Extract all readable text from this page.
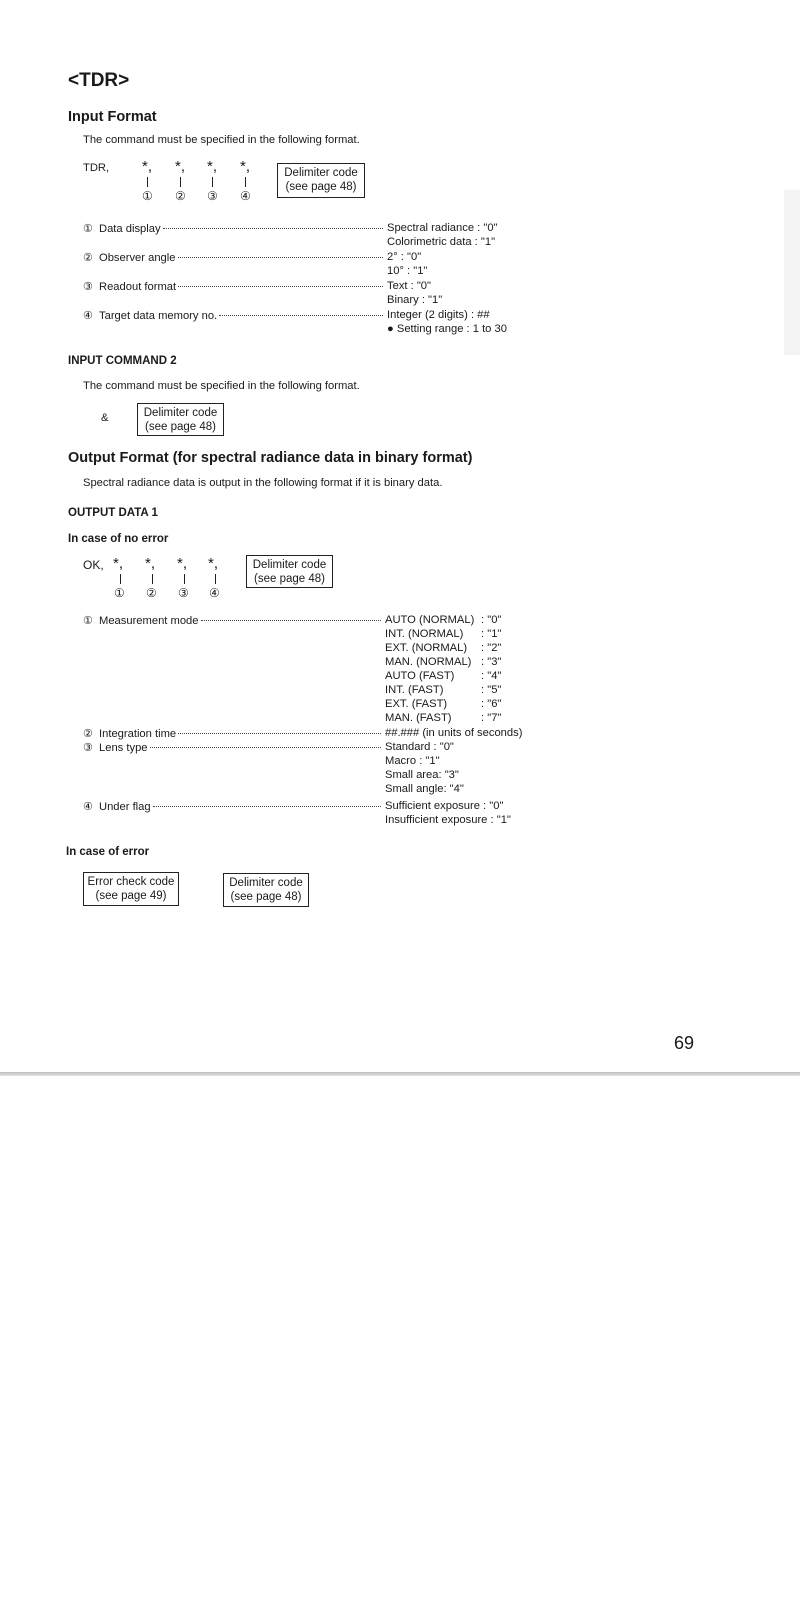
<TDR>
Input Format
The command must be specified in the following format.
TDR, *, *, *, *,
① ② ③ ④
Delimiter code
(see page 48)
① Data display	Spectral radiance : "0"
Colorimetric data : "1"
② Observer angle	2° : "0"
10° : "1"
③ Readout format	Text : "0"
Binary : "1"
④ Target data memory no.	Integer (2 digits) : ##
● Setting range : 1 to 30
INPUT COMMAND 2
The command must be specified in the following format.
&	Delimiter code
(see page 48)
Output Format (for spectral radiance data in binary format)
Spectral radiance data is output in the following format if it is binary data.
OUTPUT DATA 1
In case of no error
OK, *, *, *, *,
① ② ③ ④
Delimiter code
(see page 48)
① Measurement mode	AUTO (NORMAL) : "0"
INT. (NORMAL) : "1"
EXT. (NORMAL) : "2"
MAN. (NORMAL) : "3"
AUTO (FAST) : "4"
INT. (FAST)	: "5"
EXT. (FAST)	: "6"
MAN. (FAST)	: "7"
② Integration time	##.### (in units of seconds)
③ Lens type	Standard : "0"
Macro : "1"
Small area: "3"
Small angle: "4"
④ Under flag	Sufficient exposure : "0"
Insufficient exposure : "1"
In case of error
Error check code
(see page 49)
Delimiter code
(see page 48)
69
